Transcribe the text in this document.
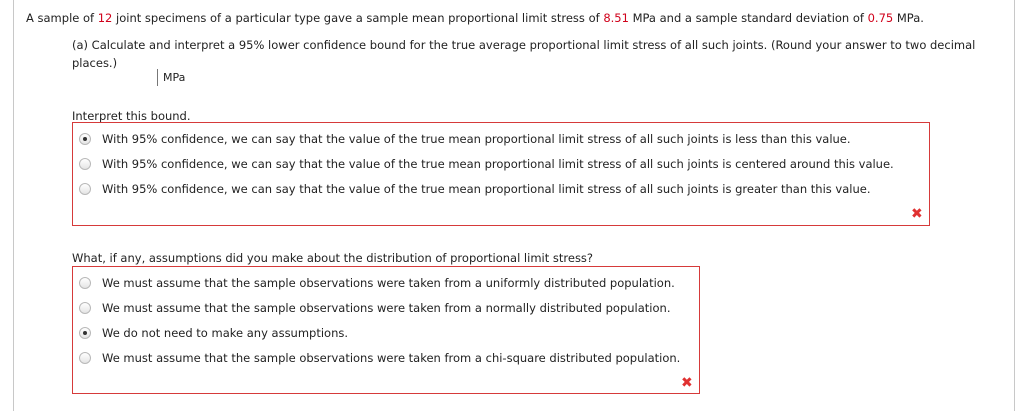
A sample of 12 joint specimens of a particular type gave a sample mean proportional limit stress of 8.51 MPa and a sample standard deviation of 0.75 MPa.
(a) Calculate and interpret a 95% lower confidence bound for the true average proportional limit stress of all such joints. (Round your answer to two decimal places.)
MPa
Interpret this bound.
With 95% confidence, we can say that the value of the true mean proportional limit stress of all such joints is less than this value.
With 95% confidence, we can say that the value of the true mean proportional limit stress of all such joints is centered around this value.
With 95% confidence, we can say that the value of the true mean proportional limit stress of all such joints is greater than this value.
✖
What, if any, assumptions did you make about the distribution of proportional limit stress?
We must assume that the sample observations were taken from a uniformly distributed population.
We must assume that the sample observations were taken from a normally distributed population.
We do not need to make any assumptions.
We must assume that the sample observations were taken from a chi-square distributed population.
✖
